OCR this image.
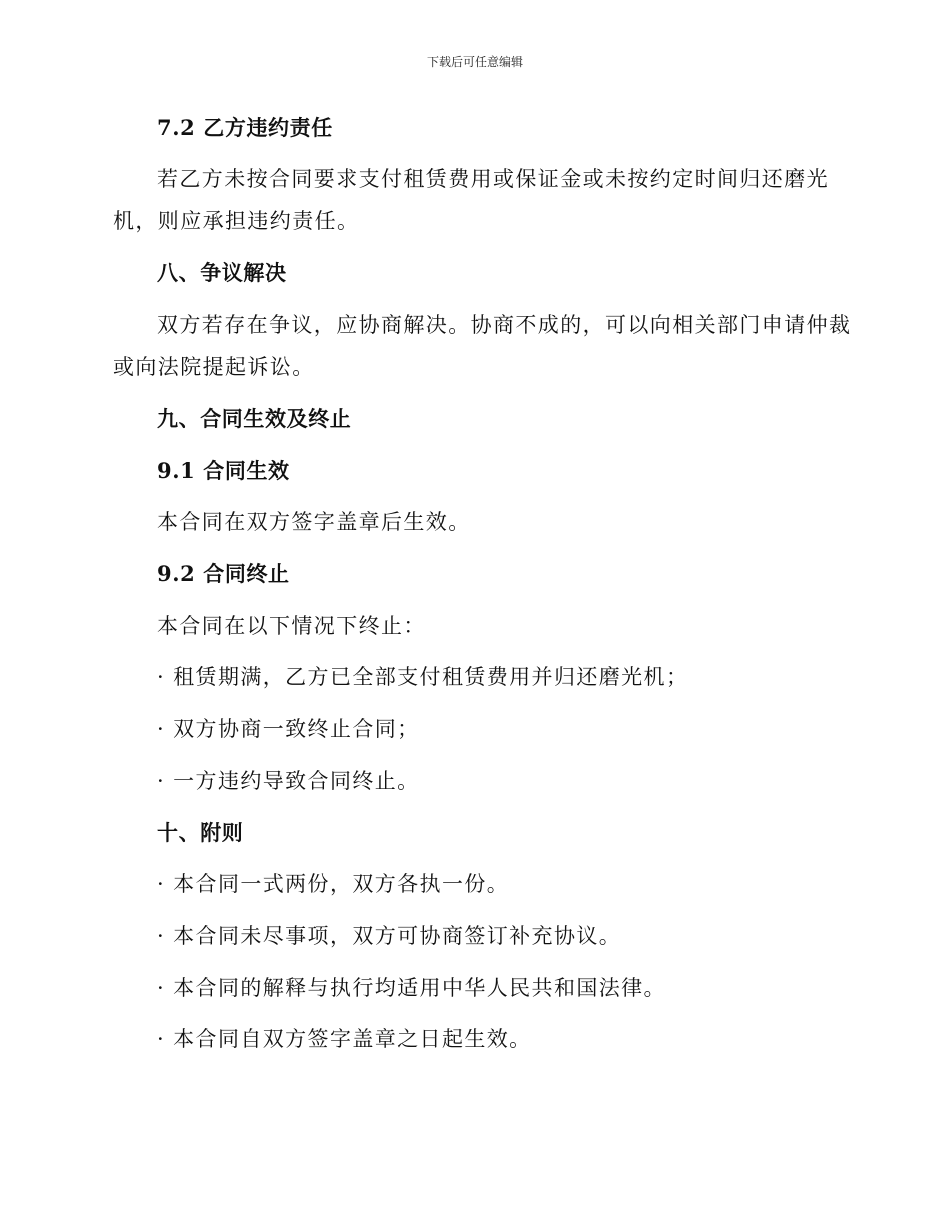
下载后可任意编辑
7.2 乙方违约责任
若乙方未按合同要求支付租赁费用或保证金或未按约定时间归还磨光
机，则应承担违约责任。
八、争议解决
双方若存在争议，应协商解决。协商不成的，可以向相关部门申请仲裁
或向法院提起诉讼。
九、合同生效及终止
9.1 合同生效
本合同在双方签字盖章后生效。
9.2 合同终止
本合同在以下情况下终止：
· 租赁期满，乙方已全部支付租赁费用并归还磨光机；
· 双方协商一致终止合同；
· 一方违约导致合同终止。
十、附则
· 本合同一式两份，双方各执一份。
· 本合同未尽事项，双方可协商签订补充协议。
· 本合同的解释与执行均适用中华人民共和国法律。
· 本合同自双方签字盖章之日起生效。
